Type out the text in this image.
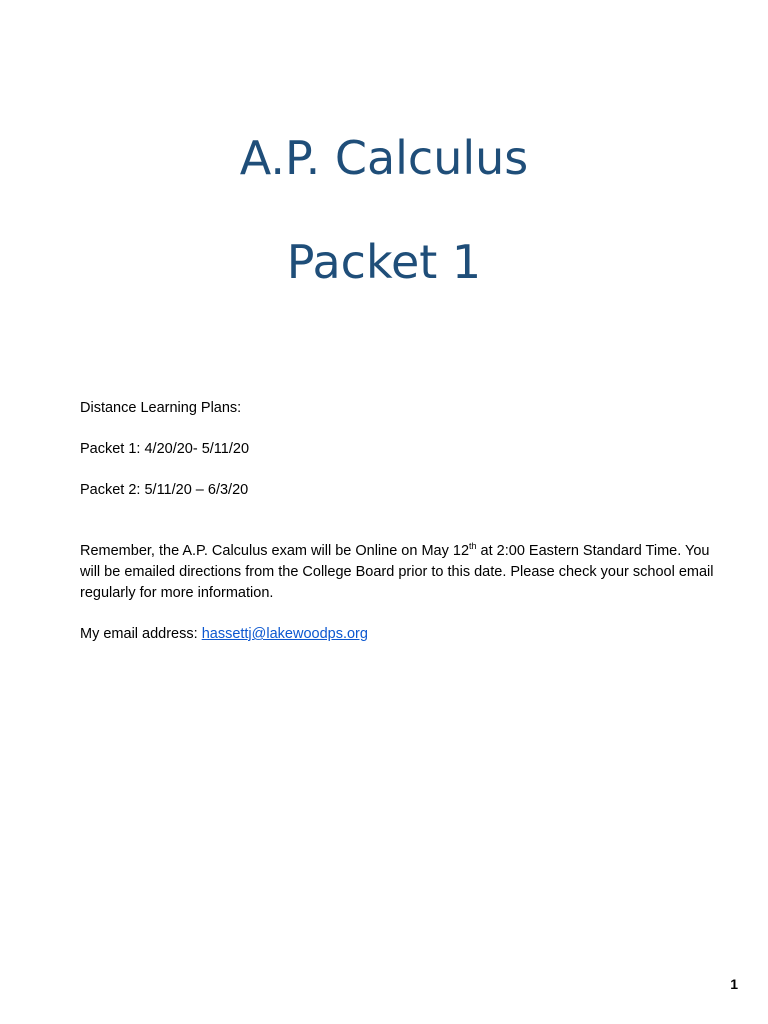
A.P. Calculus
Packet 1

Distance Learning Plans:

Packet 1: 4/20/20- 5/11/20

Packet 2: 5/11/20 – 6/3/20

Remember, the A.P. Calculus exam will be Online on May 12th at 2:00 Eastern Standard Time. You will be emailed directions from the College Board prior to this date. Please check your school email regularly for more information.

My email address: hassettj@lakewoodps.org

1
